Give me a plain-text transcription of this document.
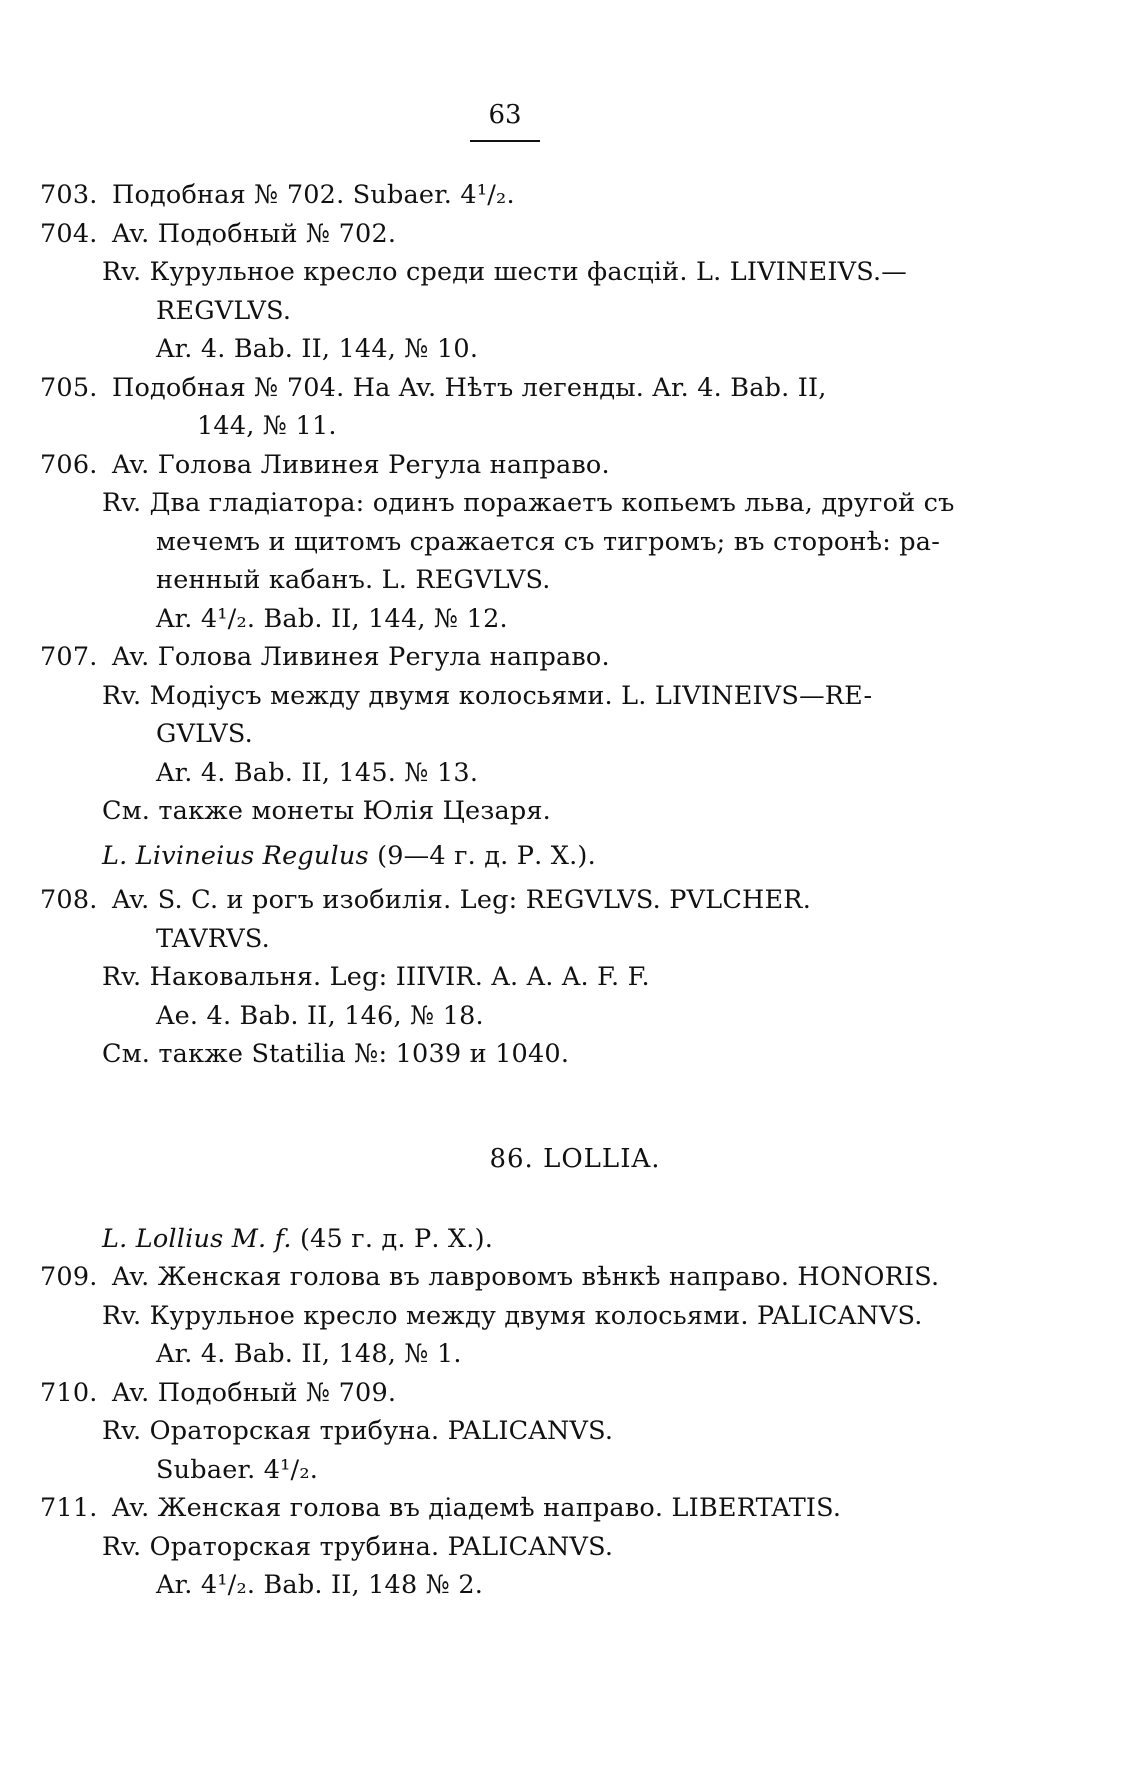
63
703. Подобная № 702. Subaer. 4¹/₂.
704. Av. Подобный № 702.
Rv. Курульное кресло среди шести фасцій. L. LIVINEIVS.—
REGVLVS.
Ar. 4. Bab. II, 144, № 10.
705. Подобная № 704. На Av. Нѣтъ легенды. Ar. 4. Bab. II,
144, № 11.
706. Av. Голова Ливинея Регула направо.
Rv. Два гладіатора: одинъ поражаетъ копьемъ льва, другой съ
мечемъ и щитомъ сражается съ тигромъ; въ сторонѣ: ра-
ненный кабанъ. L. REGVLVS.
Ar. 4¹/₂. Bab. II, 144, № 12.
707. Av. Голова Ливинея Регула направо.
Rv. Модіусъ между двумя колосьями. L. LIVINEIVS—RE-
GVLVS.
Ar. 4. Bab. II, 145. № 13.
См. также монеты Юлія Цезаря.
L. Livineius Regulus (9—4 г. д. Р. X.).
708. Av. S. C. и рогъ изобилія. Leg: REGVLVS. PVLCHER.
TAVRVS.
Rv. Наковальня. Leg: IIIVIR. A. A. A. F. F.
Ae. 4. Bab. II, 146, № 18.
См. также Statilia №: 1039 и 1040.
86. LOLLIA.
L. Lollius M. f. (45 г. д. Р. X.).
709. Av. Женская голова въ лавровомъ вѣнкѣ направо. HONORIS.
Rv. Курульное кресло между двумя колосьями. PALICANVS.
Ar. 4. Bab. II, 148, № 1.
710. Av. Подобный № 709.
Rv. Ораторская трибуна. PALICANVS.
Subaer. 4¹/₂.
711. Av. Женская голова въ діадемѣ направо. LIBERTATIS.
Rv. Ораторская трубина. PALICANVS.
Ar. 4¹/₂. Bab. II, 148 № 2.
